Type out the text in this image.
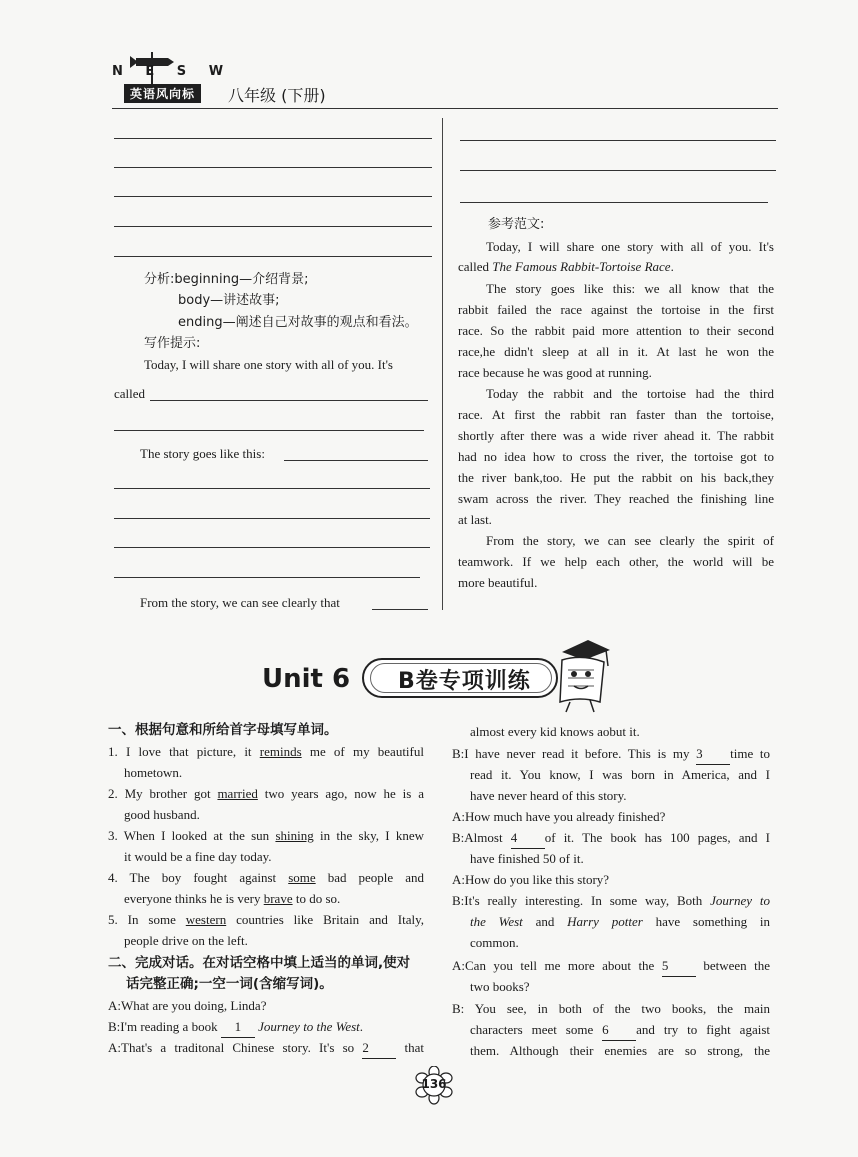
N E S W
英语风向标	八年级 (下册)
分析:beginning—介绍背景;
body—讲述故事;
ending—阐述自己对故事的观点和看法。
写作提示:
Today, I will share one story with all of you. It's
called
The story goes like this:
From the story, we can see clearly that
参考范文:
Today, I will share one story with all of you. It's
called The Famous Rabbit-Tortoise Race.
The story goes like this: we all know that the
rabbit failed the race against the tortoise in the first
race. So the rabbit paid more attention to their second
race,he didn't sleep at all in it. At last he won the
race because he was good at running.
Today the rabbit and the tortoise had the third
race. At first the rabbit ran faster than the tortoise,
shortly after there was a wide river ahead it. The rabbit
had no idea how to cross the river, the tortoise got to
the river bank,too. He put the rabbit on his back,they
swam across the river. They reached the finishing line
at last.
From the story, we can see clearly the spirit of
teamwork. If we help each other, the world will be
more beautiful.
Unit 6 B卷专项训练
一、根据句意和所给首字母填写单词。
1. I love that picture, it reminds me of my beautiful
hometown.
2. My brother got married two years ago, now he is a
good husband.
3. When I looked at the sun shining in the sky, I knew
it would be a fine day today.
4. The boy fought against some bad people and
everyone thinks he is very brave to do so.
5. In some western countries like Britain and Italy,
people drive on the left.
二、完成对话。在对话空格中填上适当的单词,使对
话完整正确;一空一词(含缩写词)。
A:What are you doing, Linda?
B:I'm reading a book 1 Journey to the West.
A:That's a traditonal Chinese story. It's so 2 that
almost every kid knows aobut it.
B:I have never read it before. This is my 3 time to
read it. You know, I was born in America, and I
have never heard of this story.
A:How much have you already finished?
B:Almost 4 of it. The book has 100 pages, and I
have finished 50 of it.
A:How do you like this story?
B:It's really interesting. In some way, Both Journey to
the West and Harry potter have something in
common.
A:Can you tell me more about the 5 between the
two books?
B: You see, in both of the two books, the main
characters meet some 6 and try to fight agaist
them. Although their enemies are so strong, the
136
